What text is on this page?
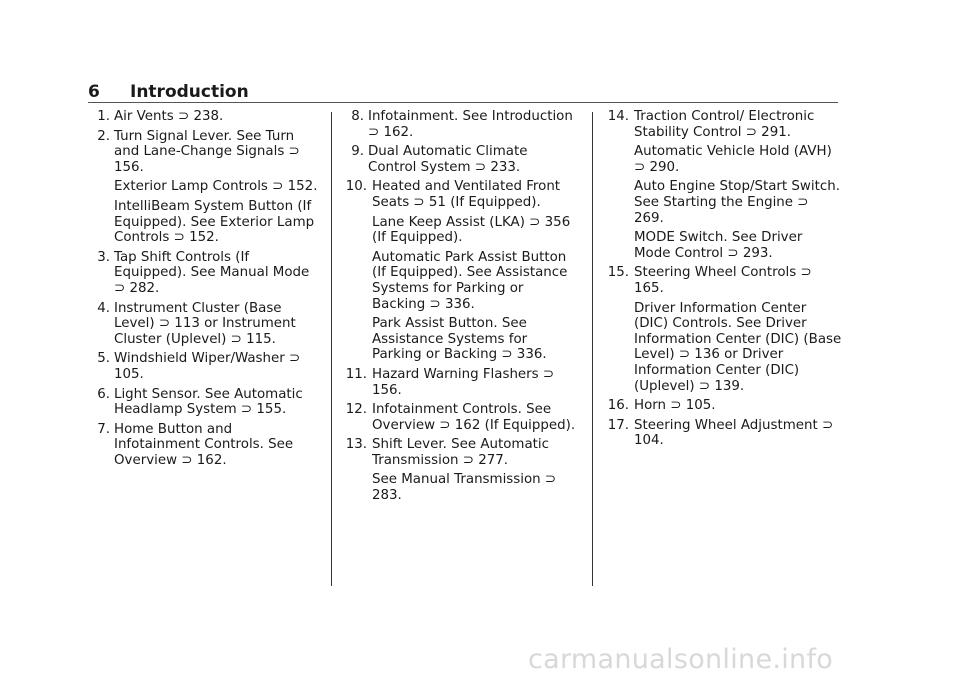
6 Introduction
1. Air Vents ⊃ 238.
2. Turn Signal Lever. See Turn and Lane-Change Signals ⊃ 156.
Exterior Lamp Controls ⊃ 152.
IntelliBeam System Button (If Equipped). See Exterior Lamp Controls ⊃ 152.
3. Tap Shift Controls (If Equipped). See Manual Mode ⊃ 282.
4. Instrument Cluster (Base Level) ⊃ 113 or Instrument Cluster (Uplevel) ⊃ 115.
5. Windshield Wiper/Washer ⊃ 105.
6. Light Sensor. See Automatic Headlamp System ⊃ 155.
7. Home Button and Infotainment Controls. See Overview ⊃ 162.
8. Infotainment. See Introduction ⊃ 162.
9. Dual Automatic Climate Control System ⊃ 233.
10. Heated and Ventilated Front Seats ⊃ 51 (If Equipped).
Lane Keep Assist (LKA) ⊃ 356 (If Equipped).
Automatic Park Assist Button (If Equipped). See Assistance Systems for Parking or Backing ⊃ 336.
Park Assist Button. See Assistance Systems for Parking or Backing ⊃ 336.
11. Hazard Warning Flashers ⊃ 156.
12. Infotainment Controls. See Overview ⊃ 162 (If Equipped).
13. Shift Lever. See Automatic Transmission ⊃ 277.
See Manual Transmission ⊃ 283.
14. Traction Control/ Electronic Stability Control ⊃ 291.
Automatic Vehicle Hold (AVH) ⊃ 290.
Auto Engine Stop/Start Switch. See Starting the Engine ⊃ 269.
MODE Switch. See Driver Mode Control ⊃ 293.
15. Steering Wheel Controls ⊃ 165.
Driver Information Center (DIC) Controls. See Driver Information Center (DIC) (Base Level) ⊃ 136 or Driver Information Center (DIC) (Uplevel) ⊃ 139.
16. Horn ⊃ 105.
17. Steering Wheel Adjustment ⊃ 104.
carmanualsonline.info
